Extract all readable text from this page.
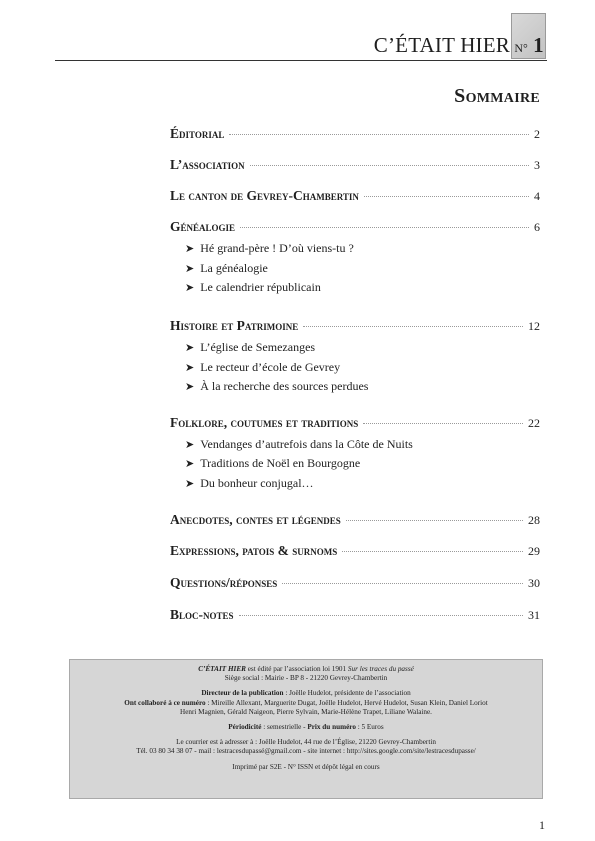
C’ÉTAIT HIER N° 1
Sommaire
Éditorial	2
L’association	3
Le canton de Gevrey-Chambertin	4
Généalogie	6
➤ Hé grand-père ! D’où viens-tu ?
➤ La généalogie
➤ Le calendrier républicain
Histoire et Patrimoine	12
➤ L’église de Semezanges
➤ Le recteur d’école de Gevrey
➤ À la recherche des sources perdues
Folklore, coutumes et traditions	22
➤ Vendanges d’autrefois dans la Côte de Nuits
➤ Traditions de Noël en Bourgogne
➤ Du bonheur conjugal…
Anecdotes, contes et légendes	28
Expressions, patois & surnoms	29
Questions/réponses	30
Bloc-notes	31
C’ÉTAIT HIER est édité par l’association loi 1901 Sur les traces du passé
Siège social : Mairie - BP 8 - 21220 Gevrey-Chambertin
Directeur de la publication : Joëlle Hudelot, présidente de l’association
Ont collaboré à ce numéro : Mireille Allexant, Marguerite Dugat, Joëlle Hudelot, Hervé Hudelot, Susan Klein, Daniel Loriot
Henri Magnien, Gérald Naigeon, Pierre Sylvain, Marie-Hélène Trapet, Liliane Walaine.
Périodicité : semestrielle - Prix du numéro : 5 Euros
Le courrier est à adresser à : Joëlle Hudelot, 44 rue de l’Église, 21220 Gevrey-Chambertin
Tél. 03 80 34 38 07 - mail : lestracesdupassé@gmail.com - site internet : http://sites.google.com/site/lestracesdupasse/
Imprimé par S2E - N° ISSN et dépôt légal en cours
1
